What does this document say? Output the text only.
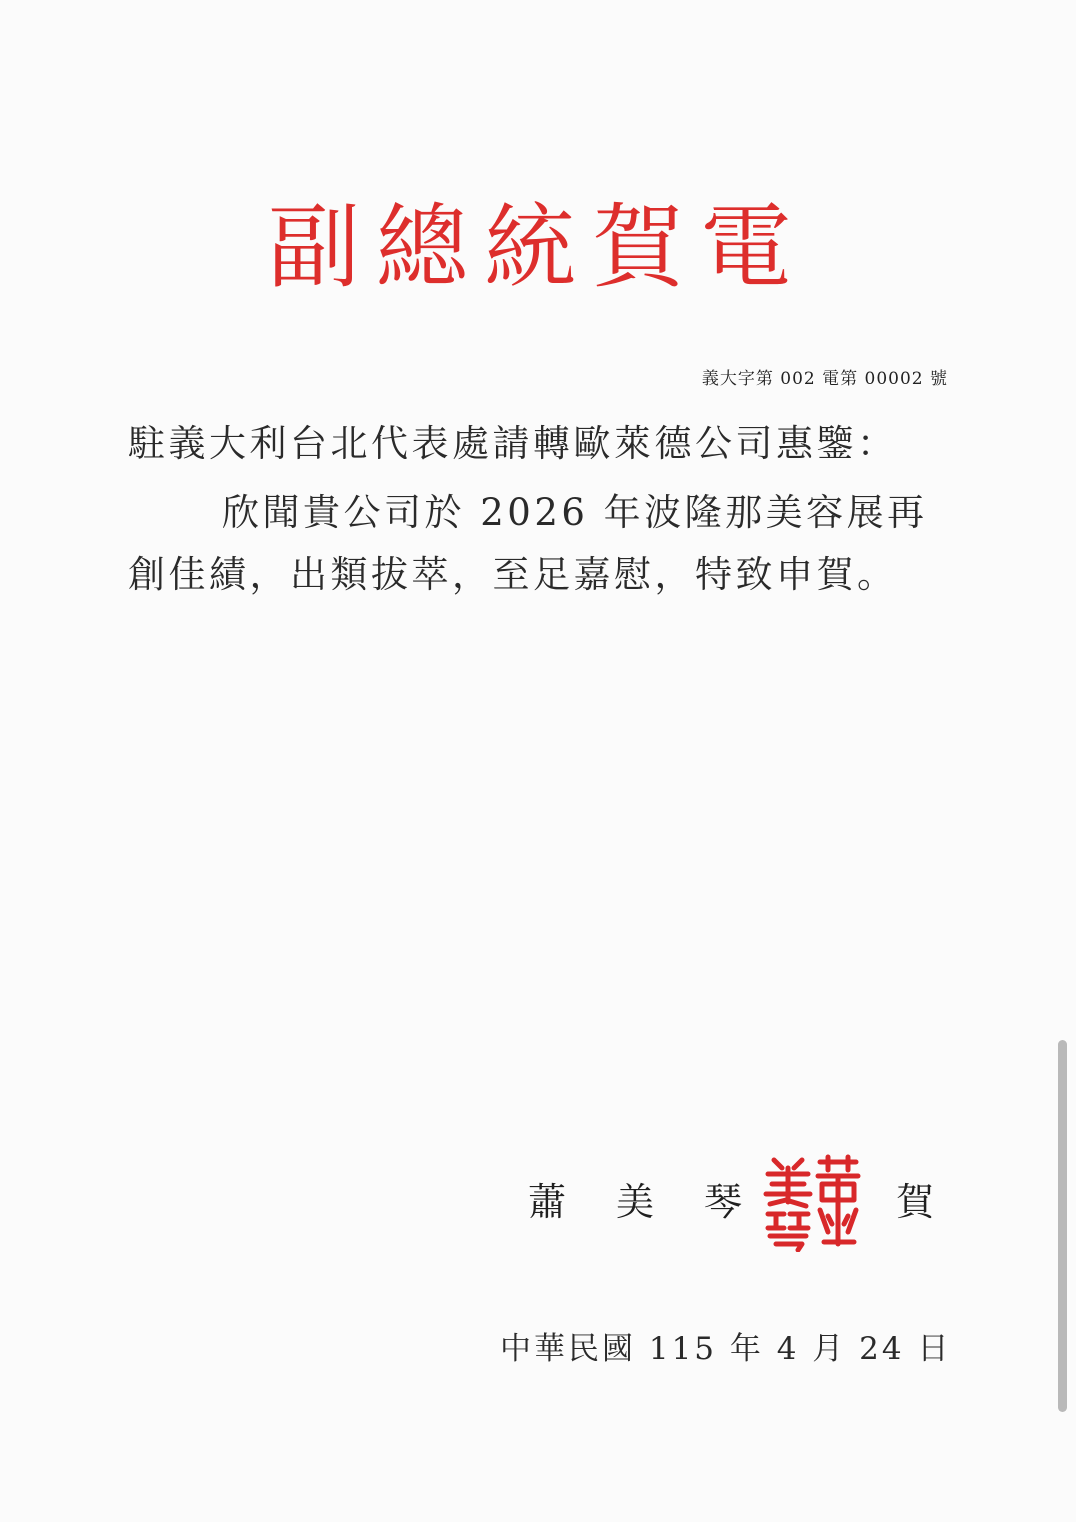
副總統賀電
義大字第 002 電第 00002 號
駐義大利台北代表處請轉歐萊德公司惠鑒：
欣聞貴公司於 2026 年波隆那美容展再
創佳績，出類拔萃，至足嘉慰，特致申賀。
蕭美琴	賀
中華民國 115 年 4 月 24 日
